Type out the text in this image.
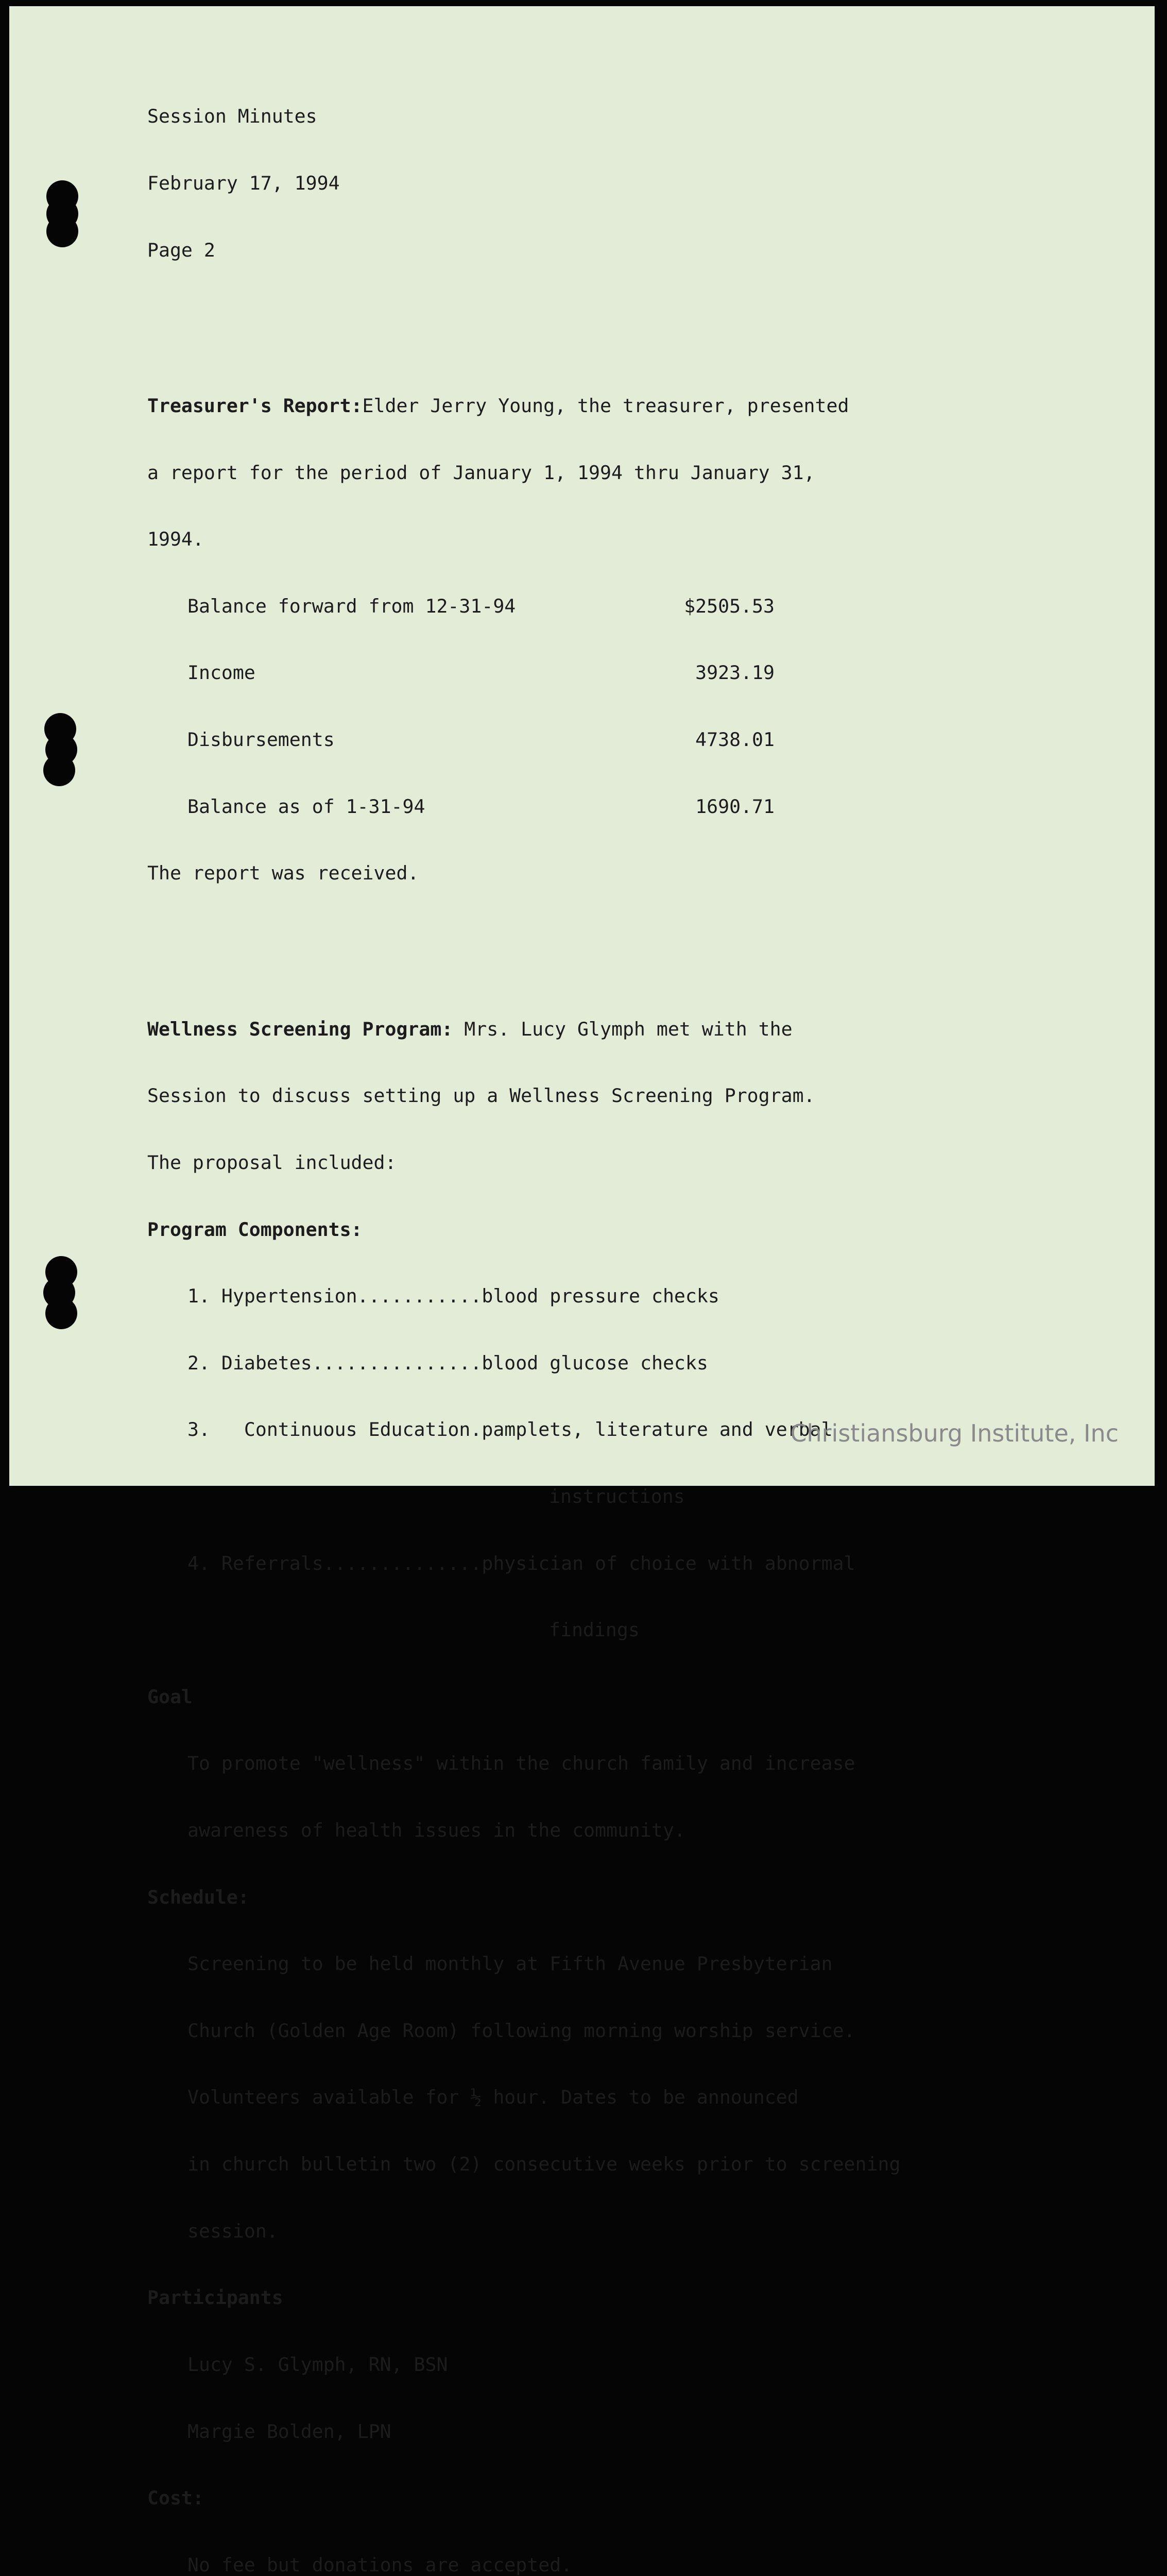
Session Minutes

February 17, 1994

Page 2

Treasurer's Report:Elder Jerry Young, the treasurer, presented

a report for the period of January 1, 1994 thru January 31,

1994.

Balance forward from 12-31-94	$2505.53

Income	3923.19

Disbursements	4738.01

Balance as of 1-31-94	1690.71

The report was received.

Wellness Screening Program: Mrs. Lucy Glymph met with the

Session to discuss setting up a Wellness Screening Program.

The proposal included:

Program Components:

1. Hypertension...........blood pressure checks

2. Diabetes...............blood glucose checks

3.   Continuous Education.pamplets, literature and verbal

instructions

4. Referrals..............physician of choice with abnormal

findings

Goal

To promote "wellness" within the church family and increase

awareness of health issues in the community.

Schedule:

Screening to be held monthly at Fifth Avenue Presbyterian

Church (Golden Age Room) following morning worship service.

Volunteers available for ½ hour. Dates to be announced

in church bulletin two (2) consecutive weeks prior to screening

session.

Participants

Lucy S. Glymph, RN, BSN

Margie Bolden, LPN

Cost:

No fee but donations are accepted.

Christiansburg Institute, Inc
